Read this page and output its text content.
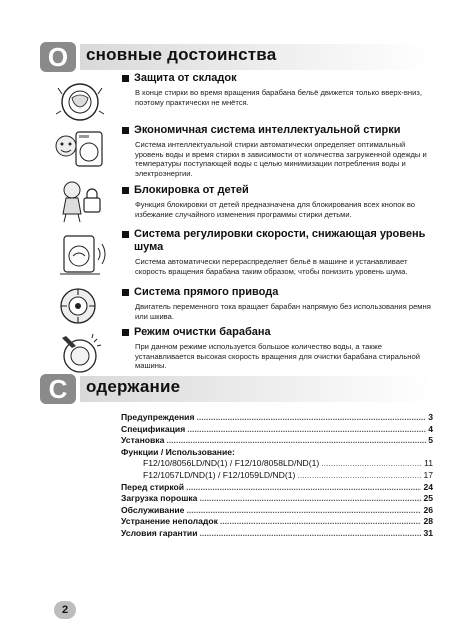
О	сновные достоинства
Защита от складок
В конце стирки во время вращения барабана бельё движется только вверх-вниз, поэтому практически не мнётся.
Экономичная система интеллектуальной стирки
Система интеллектуальной стирки автоматически определяет оптимальный уровень воды и время стирки в зависимости от количества загруженной одежды и температуры поступающей воды с целью минимизации потребления воды и электроэнергии.
Блокировка от детей
Функция блокировки от детей предназначена для блокирования всех кнопок во избежание случайного изменения программы стирки детьми.
Система регулировки скорости, снижающая уровень шума
Система автоматически перераспределяет бельё в машине и устанавливает скорость вращения барабана таким образом, чтобы понизить уровень шума.
Система прямого привода
Двигатель переменного тока вращает барабан напрямую без использования ремня или шкива.
Режим очистки барабана
При данном режиме используется большое количество воды, а также устанавливается высокая скорость вращения для очистки барабана стиральной машины.
С	одержание
Предупреждения .....	3
Спецификация .....	4
Установка .....	5
Функции / Использование:
F12/10/8056LD/ND(1) / F12/10/8058LD/ND(1) .....	11
F12/1057LD/ND(1) / F12/1059LD/ND(1) .....	17
Перед стиркой .....	24
Загрузка порошка .....	25
Обслуживание .....	26
Устранение неполадок .....	28
Условия гарантии .....	31
2
